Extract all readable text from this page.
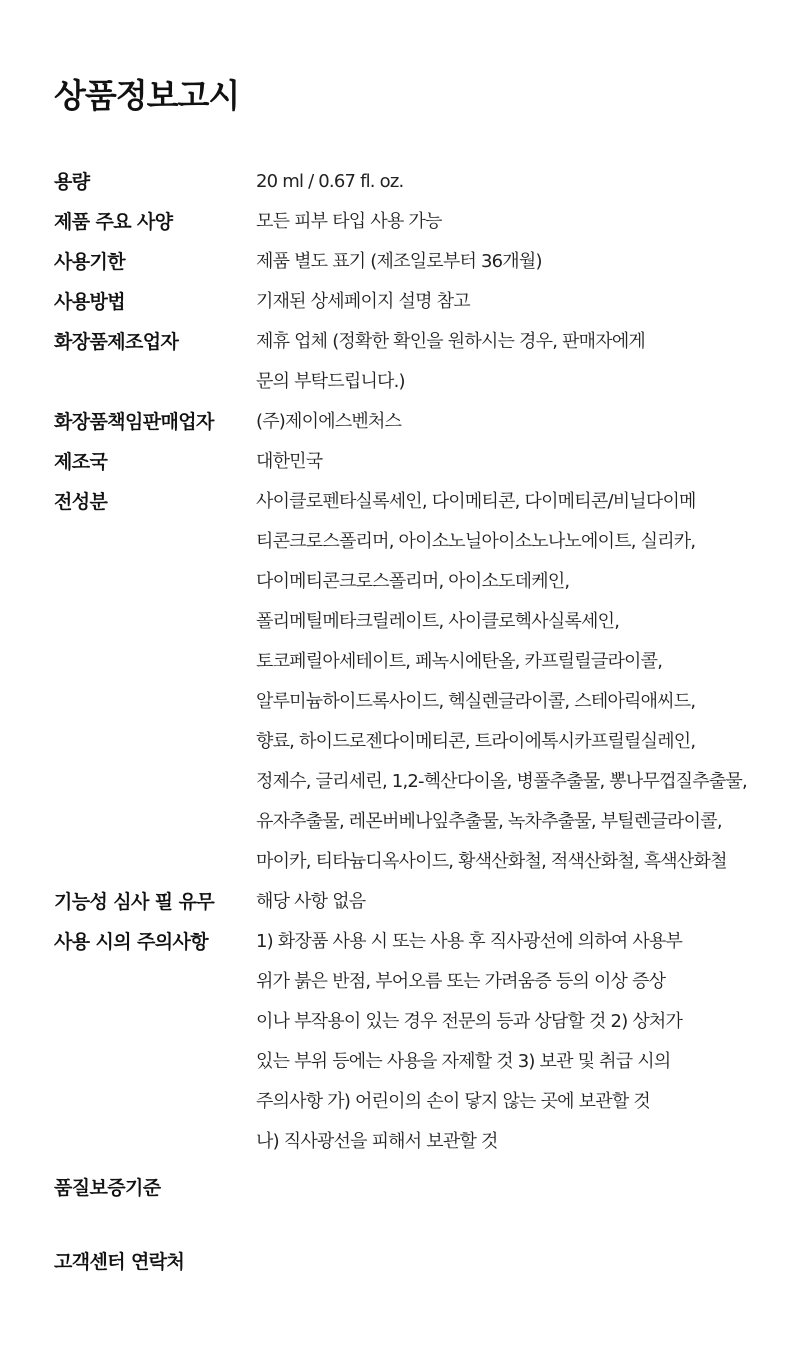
상품정보고시
용량	20 ml / 0.67 fl. oz.
제품 주요 사양	모든 피부 타입 사용 가능
사용기한	제품 별도 표기 (제조일로부터 36개월)
사용방법	기재된 상세페이지 설명 참고
화장품제조업자	제휴 업체 (정확한 확인을 원하시는 경우, 판매자에게
문의 부탁드립니다.)
화장품책임판매업자	(주)제이에스벤처스
제조국	대한민국
전성분	사이클로펜타실록세인, 다이메티콘, 다이메티콘/비닐다이메
티콘크로스폴리머, 아이소노닐아이소노나노에이트, 실리카,
다이메티콘크로스폴리머, 아이소도데케인,
폴리메틸메타크릴레이트, 사이클로헥사실록세인,
토코페릴아세테이트, 페녹시에탄올, 카프릴릴글라이콜,
알루미늄하이드록사이드, 헥실렌글라이콜, 스테아릭애씨드,
향료, 하이드로젠다이메티콘, 트라이에톡시카프릴릴실레인,
정제수, 글리세린, 1,2-헥산다이올, 병풀추출물, 뽕나무껍질추출물,
유자추출물, 레몬버베나잎추출물, 녹차추출물, 부틸렌글라이콜,
마이카, 티타늄디옥사이드, 황색산화철, 적색산화철, 흑색산화철
기능성 심사 필 유무	해당 사항 없음
사용 시의 주의사항	1) 화장품 사용 시 또는 사용 후 직사광선에 의하여 사용부
위가 붉은 반점, 부어오름 또는 가려움증 등의 이상 증상
이나 부작용이 있는 경우 전문의 등과 상담할 것 2) 상처가
있는 부위 등에는 사용을 자제할 것 3) 보관 및 취급 시의
주의사항 가) 어린이의 손이 닿지 않는 곳에 보관할 것
나) 직사광선을 피해서 보관할 것
품질보증기준
고객센터 연락처
